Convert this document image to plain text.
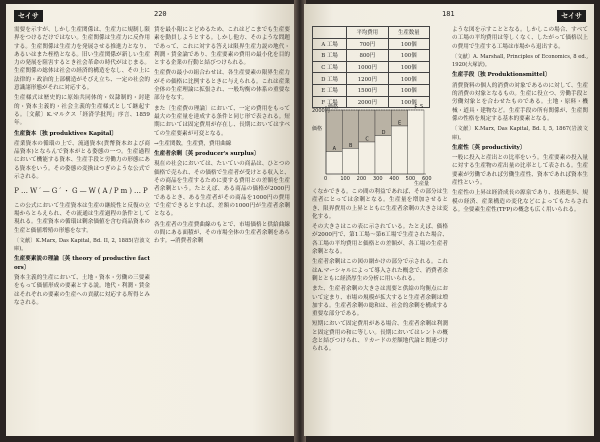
セイサ	220

需要を示すが、しかし生産関係は、生産力に規制し限界をつけるだけではない。生産関係は生産力に反作用する。生産関係は生産力を発展させる推進力となり、あるいはまた桎梏となる。旧い生産関係が新しい生産力の発展を阻害するとき社会革命の時代がはじまる。生産関係の総体は社会の経済的構造をなし、その上に法律的・政治的上部構造がそびえ立ち、一定の社会的意識諸形態がそれに対応する。

生産様式は歴史的に原始共同体的・奴隷制的・封建的・資本主義的・社会主義的生産様式として継起する。〔文献〕K.マルクス「経済学批判」序言、1859年。

生産資本〔独 produktives Kapital〕

産業資本の循環の上で、流通資本(貨幣資本および商品資本)とならんで資本がとる姿態の一つ。生産過程において機能する資本、生産手段と労働力の形態にある資本をいう。その姿態の変換はつぎのような公式で示される。

P…W′—G′・G—W(A/Pm)…P

この公式において生産資本は生産の継続性と反復の立場からとらえられ、その流通は生産過程の条件として現れる。生産資本の循環は剰余価値を含む商品資本の生産と価値増殖の形態をなす。

〔文献〕K.Marx, Das Kapital, Bd. II, 2, 1885(岩波文庫)。

生産要素説の理論〔英 theory of productive factors〕

資本主義的生産において、土地・資本・労働の三要素をもって価値形成の要素とする説。地代・利潤・賃金はそれぞれの要素の生産への貢献に対応する所得とみなされる。

賃を最小限にとどめるため、これはどこまでも生産要素を動員しようとする。しかし他方、そのような問題であって、これに対する答えは限界生産力説の地代・利潤・賃金論であり、生産要素の費用の最小化を目的とする企業の行動と結びつけられる。

生産費の最小の組合わせは、各生産要素の限界生産力がその価格に比例するときに与えられる。これは産業全体の生産理論に拡張され、一般均衡の体系の重要な部分をなす。

また〔生産費の理論〕において、一定の費用をもって最大の生産量を達成する条件と同じ形で表される。短期においては固定費用が存在し、長期においてはすべての生産要素が可変となる。

→生産関数，生産費，費用曲線

生産者余剰〔英 producer's surplus〕

現在の社会においては、たいていの商品は、ひとつの価格で売られ、その価格で生産者が受けとる収入と、その商品を生産するために要する費用との差額を生産者余剰という。たとえば、ある商品の価格が2000円であるとき、ある生産者がその商品を1000円の費用で生産できるとすれば、差額の1000円が生産者余剰となる。

各生産者の生産費曲線のもとで、市場価格と供給曲線の間にある面積が、その市場全体の生産者余剰をあらわす。→消費者余剰

181	セイサ
	平均費用	生産数量
A 工場	700円	100個
B 工場	800円	100個
C 工場	1000円	100個
D 工場	1200円	100個
E 工場	1500円	100個
F 工場	2000円	100個
A
B
C
D
E
F
2000円
価格	S
0	100 200 300 400 500 600
生産量
価格

くなかできる。この間の利益であれば、その部分は生産者にとっては余剰となる。生産量を増加させるとき、限界費用の上昇とともに生産者余剰の大きさは変化する。

その大きさはこの表に示されている。たとえば、価格が2000円で、第1工場〜第6工場で生産された場合、各工場の平均費用と価格との差額が、各工場の生産者余剰となる。

生産者余剰はこの図の網かけの部分で示される。これはA.マーシャルによって導入された概念で、消費者余剰とともに経済厚生の分析に用いられる。

また、生産者余剰の大きさは需要と供給の均衡点において定まり、市場の規模が拡大すると生産者余剰は増加する。生産者余剰の総和は、社会的余剰を構成する重要な部分である。

短期において固定費用がある場合、生産者余剰は利潤と固定費用の和に等しい。長期においてはレントの概念と結びつけられ、リカードの差額地代論と関連づけられる。

ような図を示すこととなる。しかしこの場合、すべての工場の平均費用は等しくなく、したがって価格以上の費用で生産する工場は市場から退出する。

〔文献〕A. Marshall, Principles of Economics, 8 ed., 1920(大塚訳)。

生産手段〔独 Produktionsmittel〕

消費資料の個人的消費の対象であるのに対して、生産的消費の対象となるもの。生産に役立つ、労働手段と労働対象とを合わせたものである。土地・原料・機械・道具・建物など。生産手段の所有関係が、生産関係の性格を規定する基本的要素となる。

〔文献〕K.Marx, Das Kapital, Bd. I, 5, 1867(岩波文庫)。

生産性〔英 productivity〕

一般に投入と産出との比率をいう。生産要素の投入量に対する生産物の産出量の比率として表される。生産要素が労働であれば労働生産性、資本であれば資本生産性という。

生産性の上昇は経済成長の源泉であり、技術進歩、規模の経済、産業構造の変化などによってもたらされる。全要素生産性(TFP)の概念も広く用いられる。
